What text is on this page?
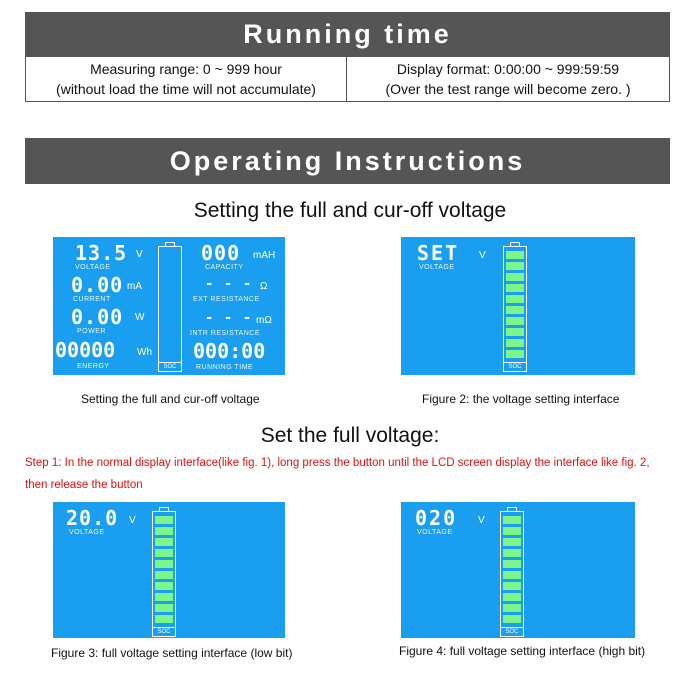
Running time
Measuring range: 0 ~ 999 hour
(without load the time will not accumulate)
Display format: 0:00:00 ~ 999:59:59
(Over the test range will become zero. )
Operating Instructions
Setting the full and cur-off voltage
13.5 V
VOLTAGE
0.00 mA
CURRENT
0.00 W
POWER
00000 Wh
ENERGY	SOC
000 mAH
CAPACITY
- - - Ω
EXT RESISTANCE
- - - mΩ
INTR RESISTANCE
000:00
RUNNING TIME
SET V
VOLTAGE
SOC
Setting the full and cur-off voltage	Figure 2: the voltage setting interface
Set the full voltage:
Step 1: In the normal display interface(like fig. 1), long press the button until the LCD screen display the interface like fig. 2, then release the button
20.0 V
VOLTAGE
SOC
020 V
VOLTAGE
SOC
Figure 3: full voltage setting interface (low bit)	Figure 4: full voltage setting interface (high bit)
